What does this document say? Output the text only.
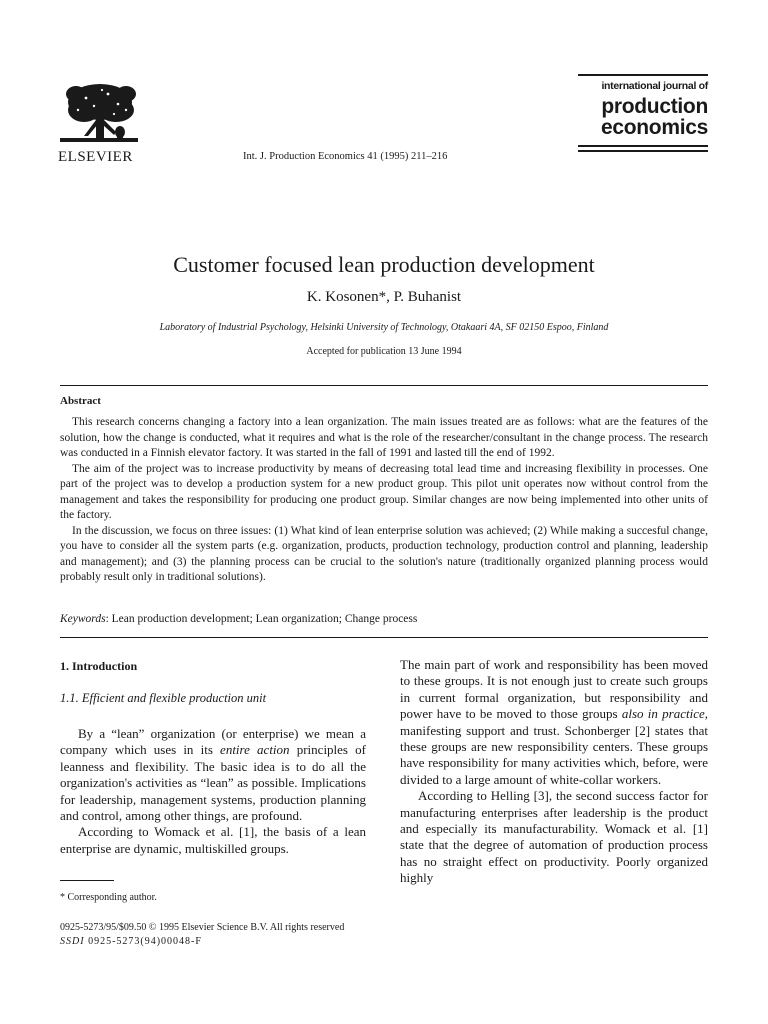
ELSEVIER	Int. J. Production Economics 41 (1995) 211–216
international journal of
production
economics
Customer focused lean production development
K. Kosonen*, P. Buhanist
Laboratory of Industrial Psychology, Helsinki University of Technology, Otakaari 4A, SF 02150 Espoo, Finland
Accepted for publication 13 June 1994
Abstract

This research concerns changing a factory into a lean organization. The main issues treated are as follows: what are the features of the solution, how the change is conducted, what it requires and what is the role of the researcher/consultant in the change process. The research was conducted in a Finnish elevator factory. It was started in the fall of 1991 and lasted till the end of 1992.

The aim of the project was to increase productivity by means of decreasing total lead time and increasing flexibility in processes. One part of the project was to develop a production system for a new product group. This pilot unit operates now without control from the management and takes the responsibility for producing one product group. Similar changes are now being implemented into other units of the factory.

In the discussion, we focus on three issues: (1) What kind of lean enterprise solution was achieved; (2) While making a succesful change, you have to consider all the system parts (e.g. organization, products, production technology, production control and planning, leadership and management); and (3) the planning process can be crucial to the solution's nature (traditionally organized planning process would probably result only in traditional solutions).

Keywords: Lean production development; Lean organization; Change process
1. Introduction
1.1. Efficient and flexible production unit

By a “lean” organization (or enterprise) we mean a company which uses in its entire action principles of leanness and flexibility. The basic idea is to do all the organization's activities as “lean” as possible. Implications for leadership, management systems, production planning and control, among other things, are profound.

According to Womack et al. [1], the basis of a lean enterprise are dynamic, multiskilled groups.

* Corresponding author.

The main part of work and responsibility has been moved to these groups. It is not enough just to create such groups in current formal organization, but responsibility and power have to be moved to those groups also in practice, manifesting support and trust. Schonberger [2] states that these groups are new responsibility centers. These groups have responsibility for many activities which, before, were divided to a large amount of white-collar workers.

According to Helling [3], the second success factor for manufacturing enterprises after leadership is the product and especially its manufacturability. Womack et al. [1] state that the degree of automation of production process has no straight effect on productivity. Poorly organized highly

0925-5273/95/$09.50 © 1995 Elsevier Science B.V. All rights reserved
SSDI 0925-5273(94)00048-F
